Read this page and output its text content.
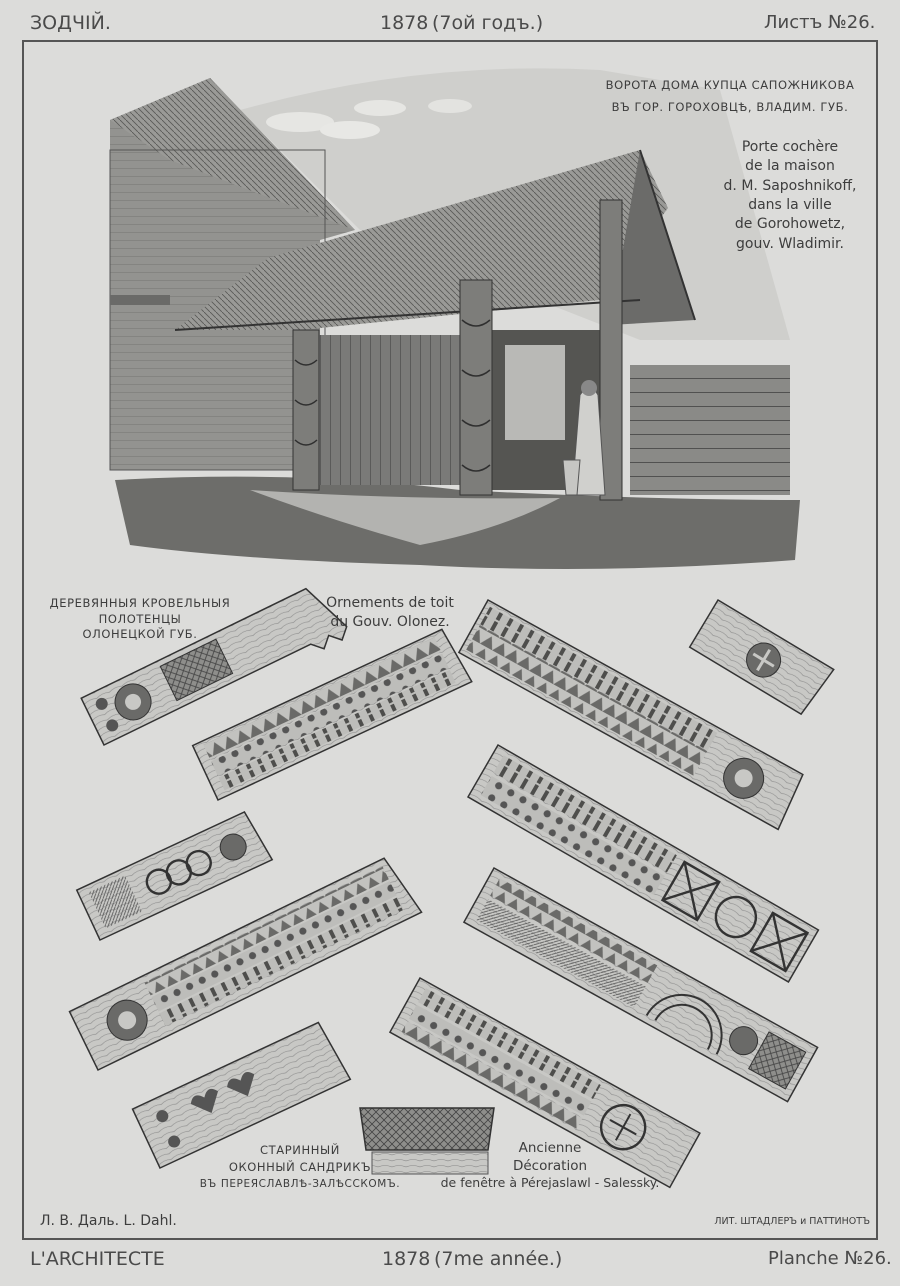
ЗОДЧIЙ.	1878 (7ой годъ.)	Листъ №26.
ВОРОТА ДОМА КУПЦА САПОЖНИКОВА
ВЪ ГОР. ГОРОХОВЦѢ, ВЛАДИМ. ГУБ.
Porte cochère
de la maison
d. M. Saposhnikoff,
dans la ville
de Gorohowetz,
gouv. Wladimir.
ДЕРЕВЯННЫЯ КРОВЕЛЬНЫЯ
ПОЛОТЕНЦЫ
ОЛОНЕЦКОЙ ГУБ.
Ornements de toit
du Gouv. Olonez.
СТАРИННЫЙ
ОКОННЫЙ САНДРИКЪ
ВЪ ПЕРЕЯСЛАВЛѢ-ЗАЛѢССКОМЪ.
Ancienne
Décoration
de fenêtre à Pérejaslawl - Salessky.
Л. В. Даль. L. Dahl.	ЛИТ. ШТАДЛЕРЪ и ПАТТИНОТЪ
L'ARCHITECTE	1878 (7me année.)	Planche №26.
